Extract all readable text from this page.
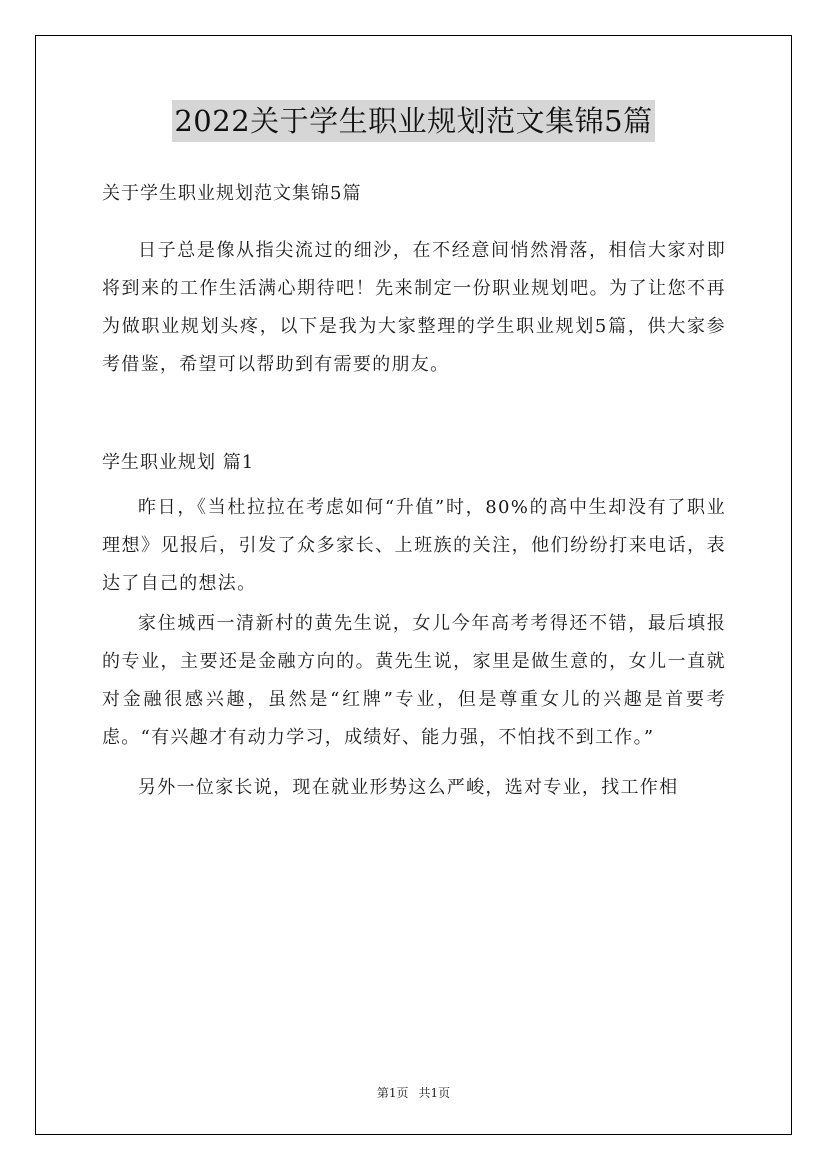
2022关于学生职业规划范文集锦5篇
关于学生职业规划范文集锦5篇

日子总是像从指尖流过的细沙，在不经意间悄然滑落，相信大家对即将到来的工作生活满心期待吧！先来制定一份职业规划吧。为了让您不再为做职业规划头疼，以下是我为大家整理的学生职业规划5篇，供大家参考借鉴，希望可以帮助到有需要的朋友。

学生职业规划 篇1

昨日，《当杜拉拉在考虑如何“升值”时，80%的高中生却没有了职业理想》见报后，引发了众多家长、上班族的关注，他们纷纷打来电话，表达了自己的想法。

家住城西一清新村的黄先生说，女儿今年高考考得还不错，最后填报的专业，主要还是金融方向的。黄先生说，家里是做生意的，女儿一直就对金融很感兴趣，虽然是“红牌”专业，但是尊重女儿的兴趣是首要考虑。“有兴趣才有动力学习，成绩好、能力强，不怕找不到工作。”

另外一位家长说，现在就业形势这么严峻，选对专业，找工作相

第1页 共1页
